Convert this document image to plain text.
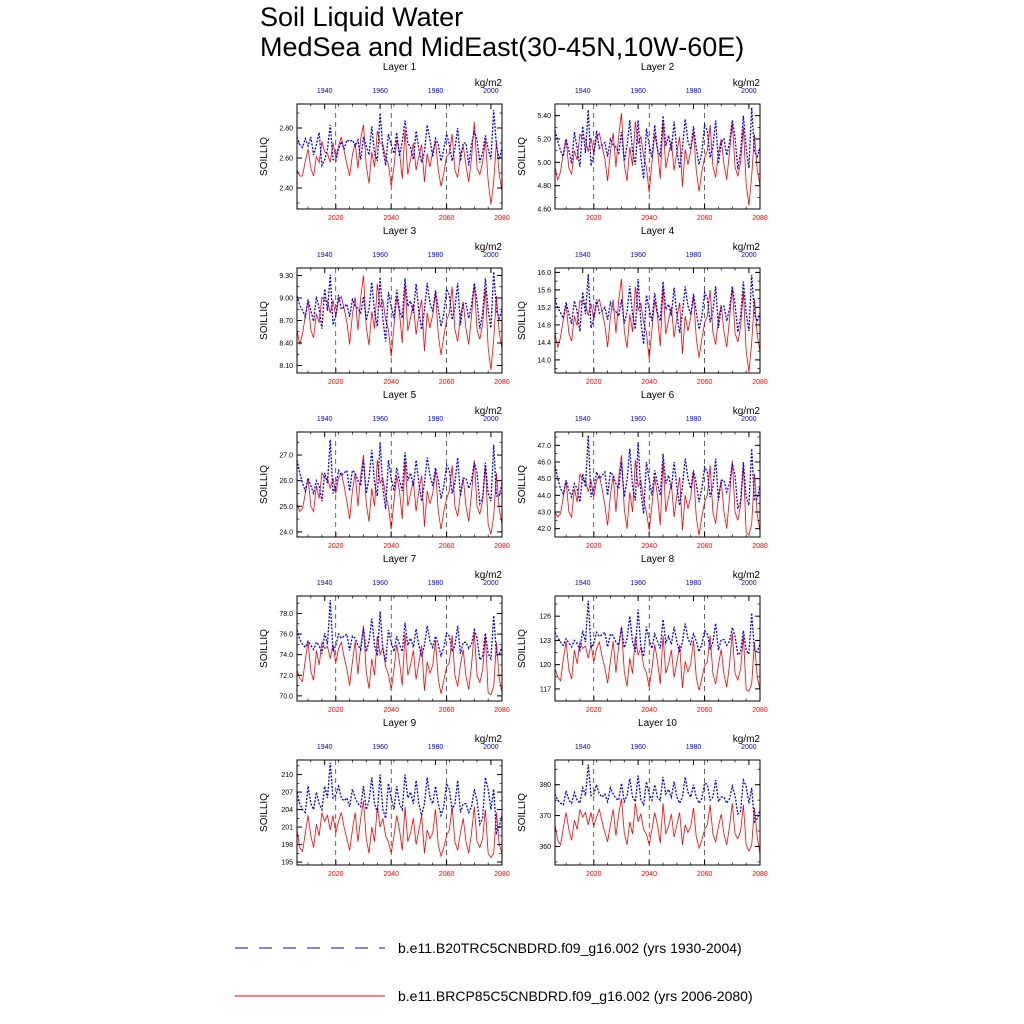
Soil Liquid Water
MedSea and MidEast(30-45N,10W-60E)
2.40
2.60
2.80
2020	2040	2060	2080
1940	1960	1980	2000
Layer 1
kg/m2
SOILLIQ
4.60
4.80
5.00
5.20
5.40
2020	2040	2060	2080
1940	1960	1980	2000
Layer 2
kg/m2
SOILLIQ
8.10
8.40
8.70
9.00
9.30
2020	2040	2060	2080
1940	1960	1980	2000
Layer 3
kg/m2
SOILLIQ
14.0
14.4
14.8
15.2
15.6
16.0
2020	2040	2060	2080
1940	1960	1980	2000
Layer 4
kg/m2
SOILLIQ
24.0
25.0
26.0
27.0
2020	2040	2060	2080
1940	1960	1980	2000
Layer 5
kg/m2
SOILLIQ
42.0
43.0
44.0
45.0
46.0
47.0
2020	2040	2060	2080
1940	1960	1980	2000
Layer 6
kg/m2
SOILLIQ
70.0
72.0
74.0
76.0
78.0
2020	2040	2060	2080
1940	1960	1980	2000
Layer 7
kg/m2
SOILLIQ
117
120
123
126
2020	2040	2060	2080
1940	1960	1980	2000
Layer 8
kg/m2
SOILLIQ
195
198
201
204
207
210
2020	2040	2060	2080
1940	1960	1980	2000
Layer 9
kg/m2
SOILLIQ
360
370
380
2020	2040	2060	2080
1940	1960	1980	2000
Layer 10
kg/m2
SOILLIQ
b.e11.B20TRC5CNBDRD.f09_g16.002 (yrs 1930-2004)
b.e11.BRCP85C5CNBDRD.f09_g16.002 (yrs 2006-2080)
